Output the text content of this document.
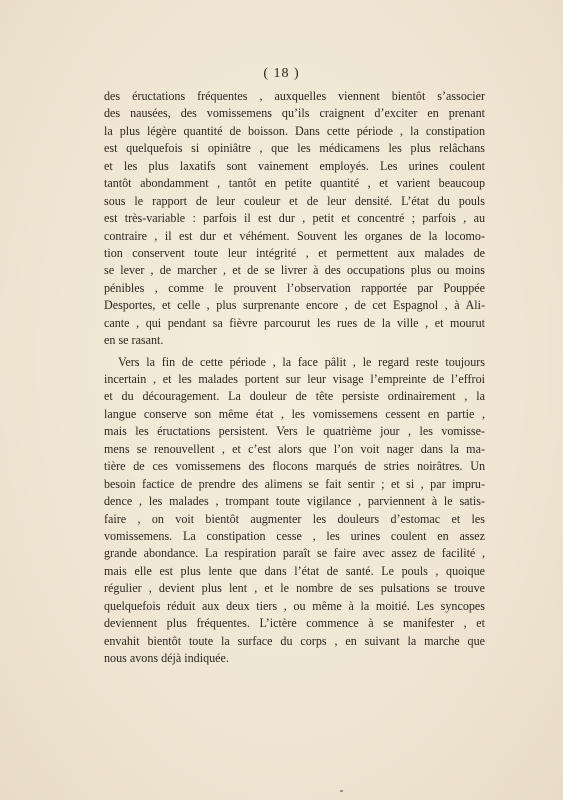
( 18 )
des éructations fréquentes , auxquelles viennent bientôt s’associer
des nausées, des vomissemens qu’ils craignent d’exciter en prenant
la plus légère quantité de boisson. Dans cette période , la constipation
est quelquefois si opiniâtre , que les médicamens les plus relâchans
et les plus laxatifs sont vainement employés. Les urines coulent
tantôt abondamment , tantôt en petite quantité , et varient beaucoup
sous le rapport de leur couleur et de leur densité. L’état du pouls
est très-variable : parfois il est dur , petit et concentré ; parfois , au
contraire , il est dur et véhément. Souvent les organes de la locomo-
tion conservent toute leur intégrité , et permettent aux malades de
se lever , de marcher , et de se livrer à des occupations plus ou moins
pénibles , comme le prouvent l’observation rapportée par Pouppée
Desportes, et celle , plus surprenante encore , de cet Espagnol , à Ali-
cante , qui pendant sa fièvre parcourut les rues de la ville , et mourut
en se rasant.
Vers la fin de cette période , la face pâlit , le regard reste toujours
incertain , et les malades portent sur leur visage l’empreinte de l’effroi
et du découragement. La douleur de tête persiste ordinairement , la
langue conserve son même état , les vomissemens cessent en partie ,
mais les éructations persistent. Vers le quatrième jour , les vomisse-
mens se renouvellent , et c’est alors que l’on voit nager dans la ma-
tière de ces vomissemens des flocons marqués de stries noirâtres. Un
besoin factice de prendre des alimens se fait sentir ; et si , par impru-
dence , les malades , trompant toute vigilance , parviennent à le satis-
faire , on voit bientôt augmenter les douleurs d’estomac et les
vomissemens. La constipation cesse , les urines coulent en assez
grande abondance. La respiration paraît se faire avec assez de facilité ,
mais elle est plus lente que dans l’état de santé. Le pouls , quoique
régulier , devient plus lent , et le nombre de ses pulsations se trouve
quelquefois réduit aux deux tiers , ou même à la moitié. Les syncopes
deviennent plus fréquentes. L’ictère commence à se manifester , et
envahit bientôt toute la surface du corps , en suivant la marche que
nous avons déjà indiquée.
